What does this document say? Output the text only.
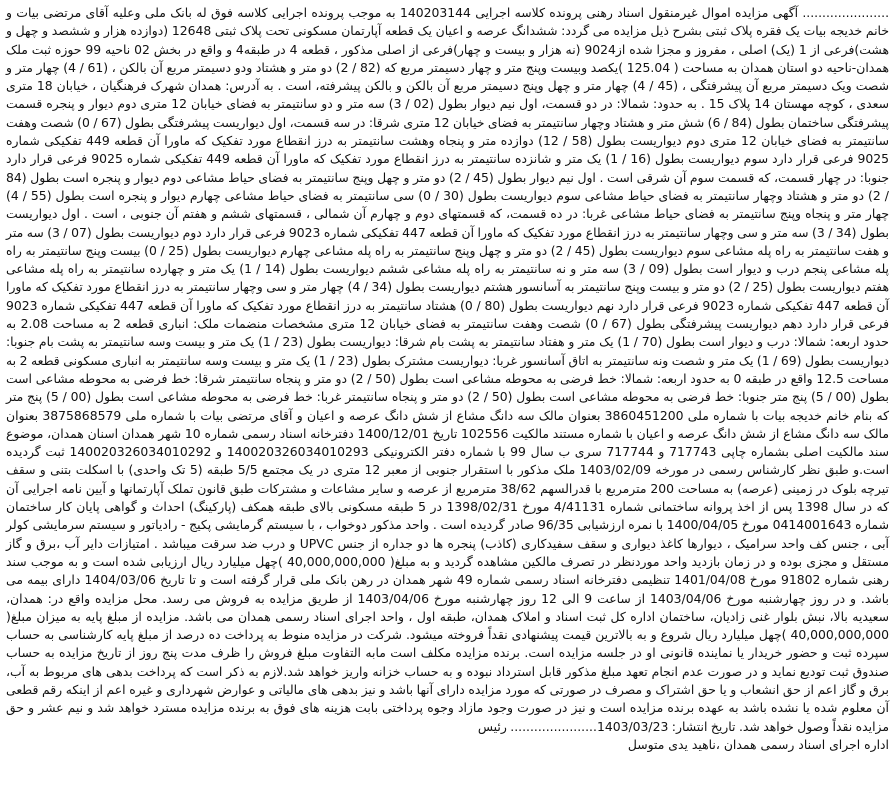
...................... آگهی مزایده اموال غیرمنقول اسناد رهنی پرونده کلاسه اجرایی 140203144 به موجب پرونده اجرایی کلاسه فوق له بانک ملی وعلیه آقای مرتضی بیات و خانم خدیجه بیات یک فقره پلاک ثبتی بشرح ذیل مزایده می گردد: ششدانگ عرصه و اعیان یک قطعه آپارتمان مسکونی تحت پلاک ثبتی 12648 (دوازده هزار و ششصد و چهل و هشت)فرعی از 1 (یک) اصلی ، مفروز و مجزا شده از9024 (نه هزار و بیست و چهار)فرعی از اصلی مذکور ، قطعه 4 در طبقه4 و واقع در بخش 02 ناحیه 99 حوزه ثبت ملک همدان-ناحیه دو استان همدان به مساحت ( 125.04 )یکصد وبیست وپنج متر و چهار دسیمتر مربع که (82 / 2) دو متر و هشتاد ودو دسیمتر مربع آن بالکن ، (61 / 4) چهار متر و شصت ویک دسیمتر مربع آن پیشرفتگی ، (45 / 4) چهار متر و چهل وپنج دسیمتر مربع آن بالکن و بالکن پیشرفته، است . به آدرس: همدان شهرک فرهنگیان ، خیابان 18 متری سعدی ، کوچه مهستان 14 پلاک 15 . به حدود: شمالا: در دو قسمت، اول نیم دیوار بطول (02 / 3) سه متر و دو سانتیمتر به فضای خیابان 12 متری دوم دیوار و پنجره قسمت پیشرفتگی ساختمان بطول (84 / 6) شش متر و هشتاد وچهار سانتیمتر به فضای خیابان 12 متری شرقا: در سه قسمت، اول دیواریست پیشرفتگی بطول (67 / 0) شصت وهفت سانتیمتر به فضای خیابان 12 متری دوم دیواریست بطول (58 / 12) دوازده متر و پنجاه وهشت سانتیمتر به درز انقطاع مورد تفکیک که ماورا آن قطعه 449 تفکیکی شماره 9025 فرعی قرار دارد سوم دیواریست بطول (16 / 1) یک متر و شانزده سانتیمتر به درز انقطاع مورد تفکیک که ماورا آن قطعه 449 تفکیکی شماره 9025 فرعی قرار دارد جنوبا: در چهار قسمت، که قسمت سوم آن شرقی است . اول نیم دیوار بطول (45 / 2) دو متر و چهل وپنج سانتیمتر به فضای حیاط مشاعی دوم دیوار و پنجره است بطول (84 / 2) دو متر و هشتاد وچهار سانتیمتر به فضای حیاط مشاعی سوم دیواریست بطول (30 / 0) سی سانتیمتر به فضای حیاط مشاعی چهارم دیوار و پنجره است بطول (55 / 4) چهار متر و پنجاه وپنج سانتیمتر به فضای حیاط مشاعی غربا: در ده قسمت، که قسمتهای دوم و چهارم آن شمالی ، قسمتهای ششم و هفتم آن جنوبی ، است . اول دیواریست بطول (34 / 3) سه متر و سی وچهار سانتیمتر به درز انقطاع مورد تفکیک که ماورا آن قطعه 447 تفکیکی شماره 9023 فرعی قرار دارد دوم دیواریست بطول (07 / 3) سه متر و هفت سانتیمتر به راه پله مشاعی سوم دیواریست بطول (45 / 2) دو متر و چهل وپنج سانتیمتر به راه پله مشاعی چهارم دیواریست بطول (25 / 0) بیست وپنج سانتیمتر به راه پله مشاعی پنجم درب و دیوار است بطول (09 / 3) سه متر و نه سانتیمتر به راه پله مشاعی ششم دیواریست بطول (14 / 1) یک متر و چهارده سانتیمتر به راه پله مشاعی هفتم دیواریست بطول (25 / 2) دو متر و بیست وپنج سانتیمتر به آسانسور هشتم دیواریست بطول (34 / 4) چهار متر و سی وچهار سانتیمتر به درز انقطاع مورد تفکیک که ماورا آن قطعه 447 تفکیکی شماره 9023 فرعی قرار دارد نهم دیواریست بطول (80 / 0) هشتاد سانتیمتر به درز انقطاع مورد تفکیک که ماورا آن قطعه 447 تفکیکی شماره 9023 فرعی قرار دارد دهم دیواریست پیشرفتگی بطول (67 / 0) شصت وهفت سانتیمتر به فضای خیابان 12 متری مشخصات منضمات ملک: انباری قطعه 2 به مساحت 2.08 به حدود اربعه: شمالا: درب و دیوار است بطول (70 / 1) یک متر و هفتاد سانتیمتر به پشت بام شرقا: دیواریست بطول (23 / 1) یک متر و بیست وسه سانتیمتر به پشت بام جنوبا: دیواریست بطول (69 / 1) یک متر و شصت ونه سانتیمتر به اتاق آسانسور غربا: دیواریست مشترک بطول (23 / 1) یک متر و بیست وسه سانتیمتر به انباری مسکونی قطعه 2 به مساحت 12.5 واقع در طبقه 0 به حدود اربعه: شمالا: خط فرضی به محوطه مشاعی است بطول (50 / 2) دو متر و پنجاه سانتیمتر شرقا: خط فرضی به محوطه مشاعی است بطول (00 / 5) پنج متر جنوبا: خط فرضی به محوطه مشاعی است بطول (50 / 2) دو متر و پنجاه سانتیمتر غربا: خط فرضی به محوطه مشاعی است بطول (00 / 5) پنج متر که بنام خانم خدیجه بیات با شماره ملی 3860451200 بعنوان مالک سه دانگ مشاع از شش دانگ عرصه و اعیان و آقای مرتضی بیات با شماره ملی 3875868579 بعنوان مالک سه دانگ مشاع از شش دانگ عرصه و اعیان با شماره مستند مالکیت 102556 تاریخ 1400/12/01 دفترخانه اسناد رسمی شماره 10 شهر همدان اسنان همدان، موضوع سند مالکیت اصلی بشماره چاپی 717743 و 717744 سری ب سال 99 با شماره دفتر الکترونیکی 140020326034010293 و 140020326034010292 ثبت گردیده است.و طبق نظر کارشناس رسمی در مورخه 1403/02/09 ملک مذکور با استقرار جنوبی از معبر 12 متری در یک مجتمع 5/5 طبقه (5 تک واحدی) با اسکلت بتنی و سقف تیرچه بلوک در زمینی (عرصه) به مساحت 200 مترمربع با قدرالسهم 38/62 مترمربع از عرصه و سایر مشاعات و مشترکات طبق قانون تملک آپارتمانها و آیین نامه اجرایی آن که در سال 1398 پس از اخذ پروانه ساختمانی شماره 4/41131 مورخ 1398/02/31 در 5 طبقه مسکونی بالای طبقه همکف (پارکینگ) احداث و گواهی پایان کار ساختمان شماره 0414001643 مورخ 1400/04/05 با نمره ارزشیابی 96/35 صادر گردیده است . واحد مذکور دوخواب ، با سیستم گرمایشی پکیج - رادیاتور و سیستم سرمایشی کولر آبی ، جنس کف واحد سرامیک ، دیوارها کاغذ دیواری و سقف سفیدکاری (کاذب) پنجره ها دو جداره از جنس UPVC و درب ضد سرقت میباشد . امتیازات دایر آب ،برق و گاز مستقل و مجزی بوده و در زمان بازدید واحد موردنظر در تصرف مالکین مشاهده گردید و به مبلغ( 40,000,000,000 )چهل میلیارد ریال ارزیابی شده است و به موجب سند رهنی شماره 91802 مورخ 1401/04/08 تنظیمی دفترخانه اسناد رسمی شماره 49 شهر همدان در رهن بانک ملی قرار گرفته است و تا تاریخ 1404/03/06 دارای بیمه می باشد. و در روز چهارشنبه مورخ 1403/04/06 از ساعت 9 الی 12 روز چهارشنبه مورخ 1403/04/06 از طریق مزایده به فروش می رسد. محل مزایده واقع در: همدان، سعیدیه بالا، نبش بلوار غنی زادیان، ساختمان اداره کل ثبت اسناد و املاک همدان، طبقه اول ، واحد اجرای اسناد رسمی همدان می باشد. مزایده از مبلغ پایه به میزان مبلغ( 40,000,000,000 )چهل میلیارد ریال شروع و به بالاترین قیمت پیشنهادی نقداً فروخته میشود. شرکت در مزایده منوط به پرداخت ده درصد از مبلغ پایه کارشناسی به حساب سپرده ثبت و حضور خریدار یا نماینده قانونی او در جلسه مزایده است. برنده مزایده مکلف است مابه التفاوت مبلغ فروش را ظرف مدت پنج روز از تاریخ مزایده به حساب صندوق ثبت تودیع نماید و در صورت عدم انجام تعهد مبلغ مذکور قابل استرداد نبوده و به حساب خزانه واریز خواهد شد.لازم به ذکر است که پرداخت بدهی های مربوط به آب، برق و گاز اعم از حق انشعاب و یا حق اشتراک و مصرف در صورتی که مورد مزایده دارای آنها باشد و نیز بدهی های مالیاتی و عوارض شهرداری و غیره اعم از اینکه رقم قطعی آن معلوم شده یا نشده باشد به عهده برنده مزایده است و نیز در صورت وجود مازاد وجوه پرداختی بابت هزینه های فوق به برنده مزایده مسترد خواهد شد و نیم عشر و حق مزایده نقداً وصول خواهد شد. تاریخ انتشار: 1403/03/23...................... رئیس

اداره اجرای اسناد رسمی همدان ،ناهید یدی متوسل
